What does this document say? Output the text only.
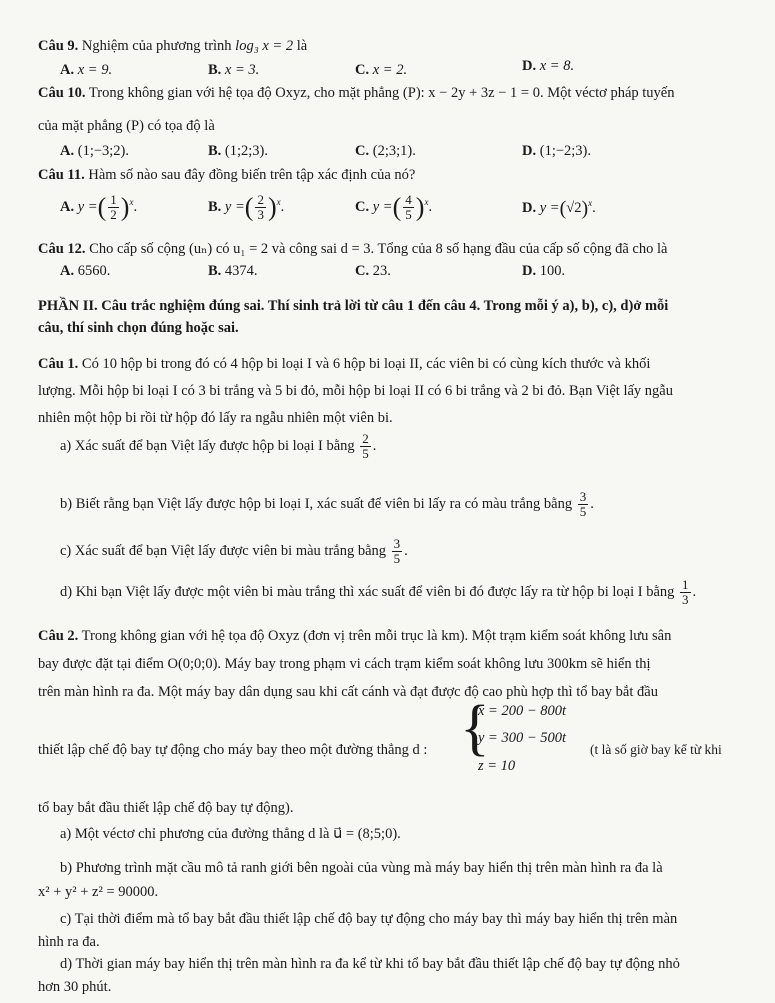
Câu 9. Nghiệm của phương trình log₃ x = 2 là
A. x = 9.	B. x = 3.	C. x = 2.	D. x = 8.
Câu 10. Trong không gian với hệ tọa độ Oxyz, cho mặt phẳng (P): x − 2y + 3z − 1 = 0. Một véctơ pháp tuyến
của mặt phẳng (P) có tọa độ là
A. (1;−3;2).	B. (1;2;3).	C. (2;3;1).	D. (1;−2;3).
Câu 11. Hàm số nào sau đây đồng biến trên tập xác định của nó?
A. y =( $\frac{1}{2} )^x$.	B. y =( $\frac{2}{3} )^x$.	C. y =( $\frac{4}{5} )^x$.	D. $y =(√2)^x$.
Câu 12. Cho cấp số cộng (uₙ) có u₁ = 2 và công sai d = 3. Tổng của 8 số hạng đầu của cấp số cộng đã cho là
A. 6560.	B. 4374.	C. 23.	D. 100.
PHẦN II. Câu trắc nghiệm đúng sai. Thí sinh trả lời từ câu 1 đến câu 4. Trong mỗi ý a), b), c), d)ở mỗi
câu, thí sinh chọn đúng hoặc sai.
Câu 1. Có 10 hộp bi trong đó có 4 hộp bi loại I và 6 hộp bi loại II, các viên bi có cùng kích thước và khối
lượng. Mỗi hộp bi loại I có 3 bi trắng và 5 bi đỏ, mỗi hộp bi loại II có 6 bi trắng và 2 bi đỏ. Bạn Việt lấy ngẫu
nhiên một hộp bi rồi từ hộp đó lấy ra ngẫu nhiên một viên bi.
a) Xác suất để bạn Việt lấy được hộp bi loại I bằng $\frac{2}{5}$ .
b) Biết rằng bạn Việt lấy được hộp bi loại I, xác suất để viên bi lấy ra có màu trắng bằng $\frac{3}{5}$ .
c) Xác suất để bạn Việt lấy được viên bi màu trắng bằng $\frac{3}{5}$ .
d) Khi bạn Việt lấy được một viên bi màu trắng thì xác suất để viên bi đó được lấy ra từ hộp bi loại I bằng $\frac{1}{3}$ .
Câu 2. Trong không gian với hệ tọa độ Oxyz (đơn vị trên mỗi trục là km). Một trạm kiểm soát không lưu sân
bay được đặt tại điểm O(0;0;0). Máy bay trong phạm vi cách trạm kiểm soát không lưu 300km sẽ hiển thị
trên màn hình ra đa. Một máy bay dân dụng sau khi cất cánh và đạt được độ cao phù hợp thì tổ bay bắt đầu
thiết lập chế độ bay tự động cho máy bay theo một đường thẳng d : {
x = 200 − 800t
y = 300 − 500t
z = 10
(t là số giờ bay kể từ khi
tổ bay bắt đầu thiết lập chế độ bay tự động).
a) Một véctơ chỉ phương của đường thẳng d là u⃗ = (8;5;0).
b) Phương trình mặt cầu mô tả ranh giới bên ngoài của vùng mà máy bay hiển thị trên màn hình ra đa là
x² + y² + z² = 90000.
c) Tại thời điểm mà tổ bay bắt đầu thiết lập chế độ bay tự động cho máy bay thì máy bay hiển thị trên màn
hình ra đa.
d) Thời gian máy bay hiển thị trên màn hình ra đa kể từ khi tổ bay bắt đầu thiết lập chế độ bay tự động nhỏ
hơn 30 phút.
